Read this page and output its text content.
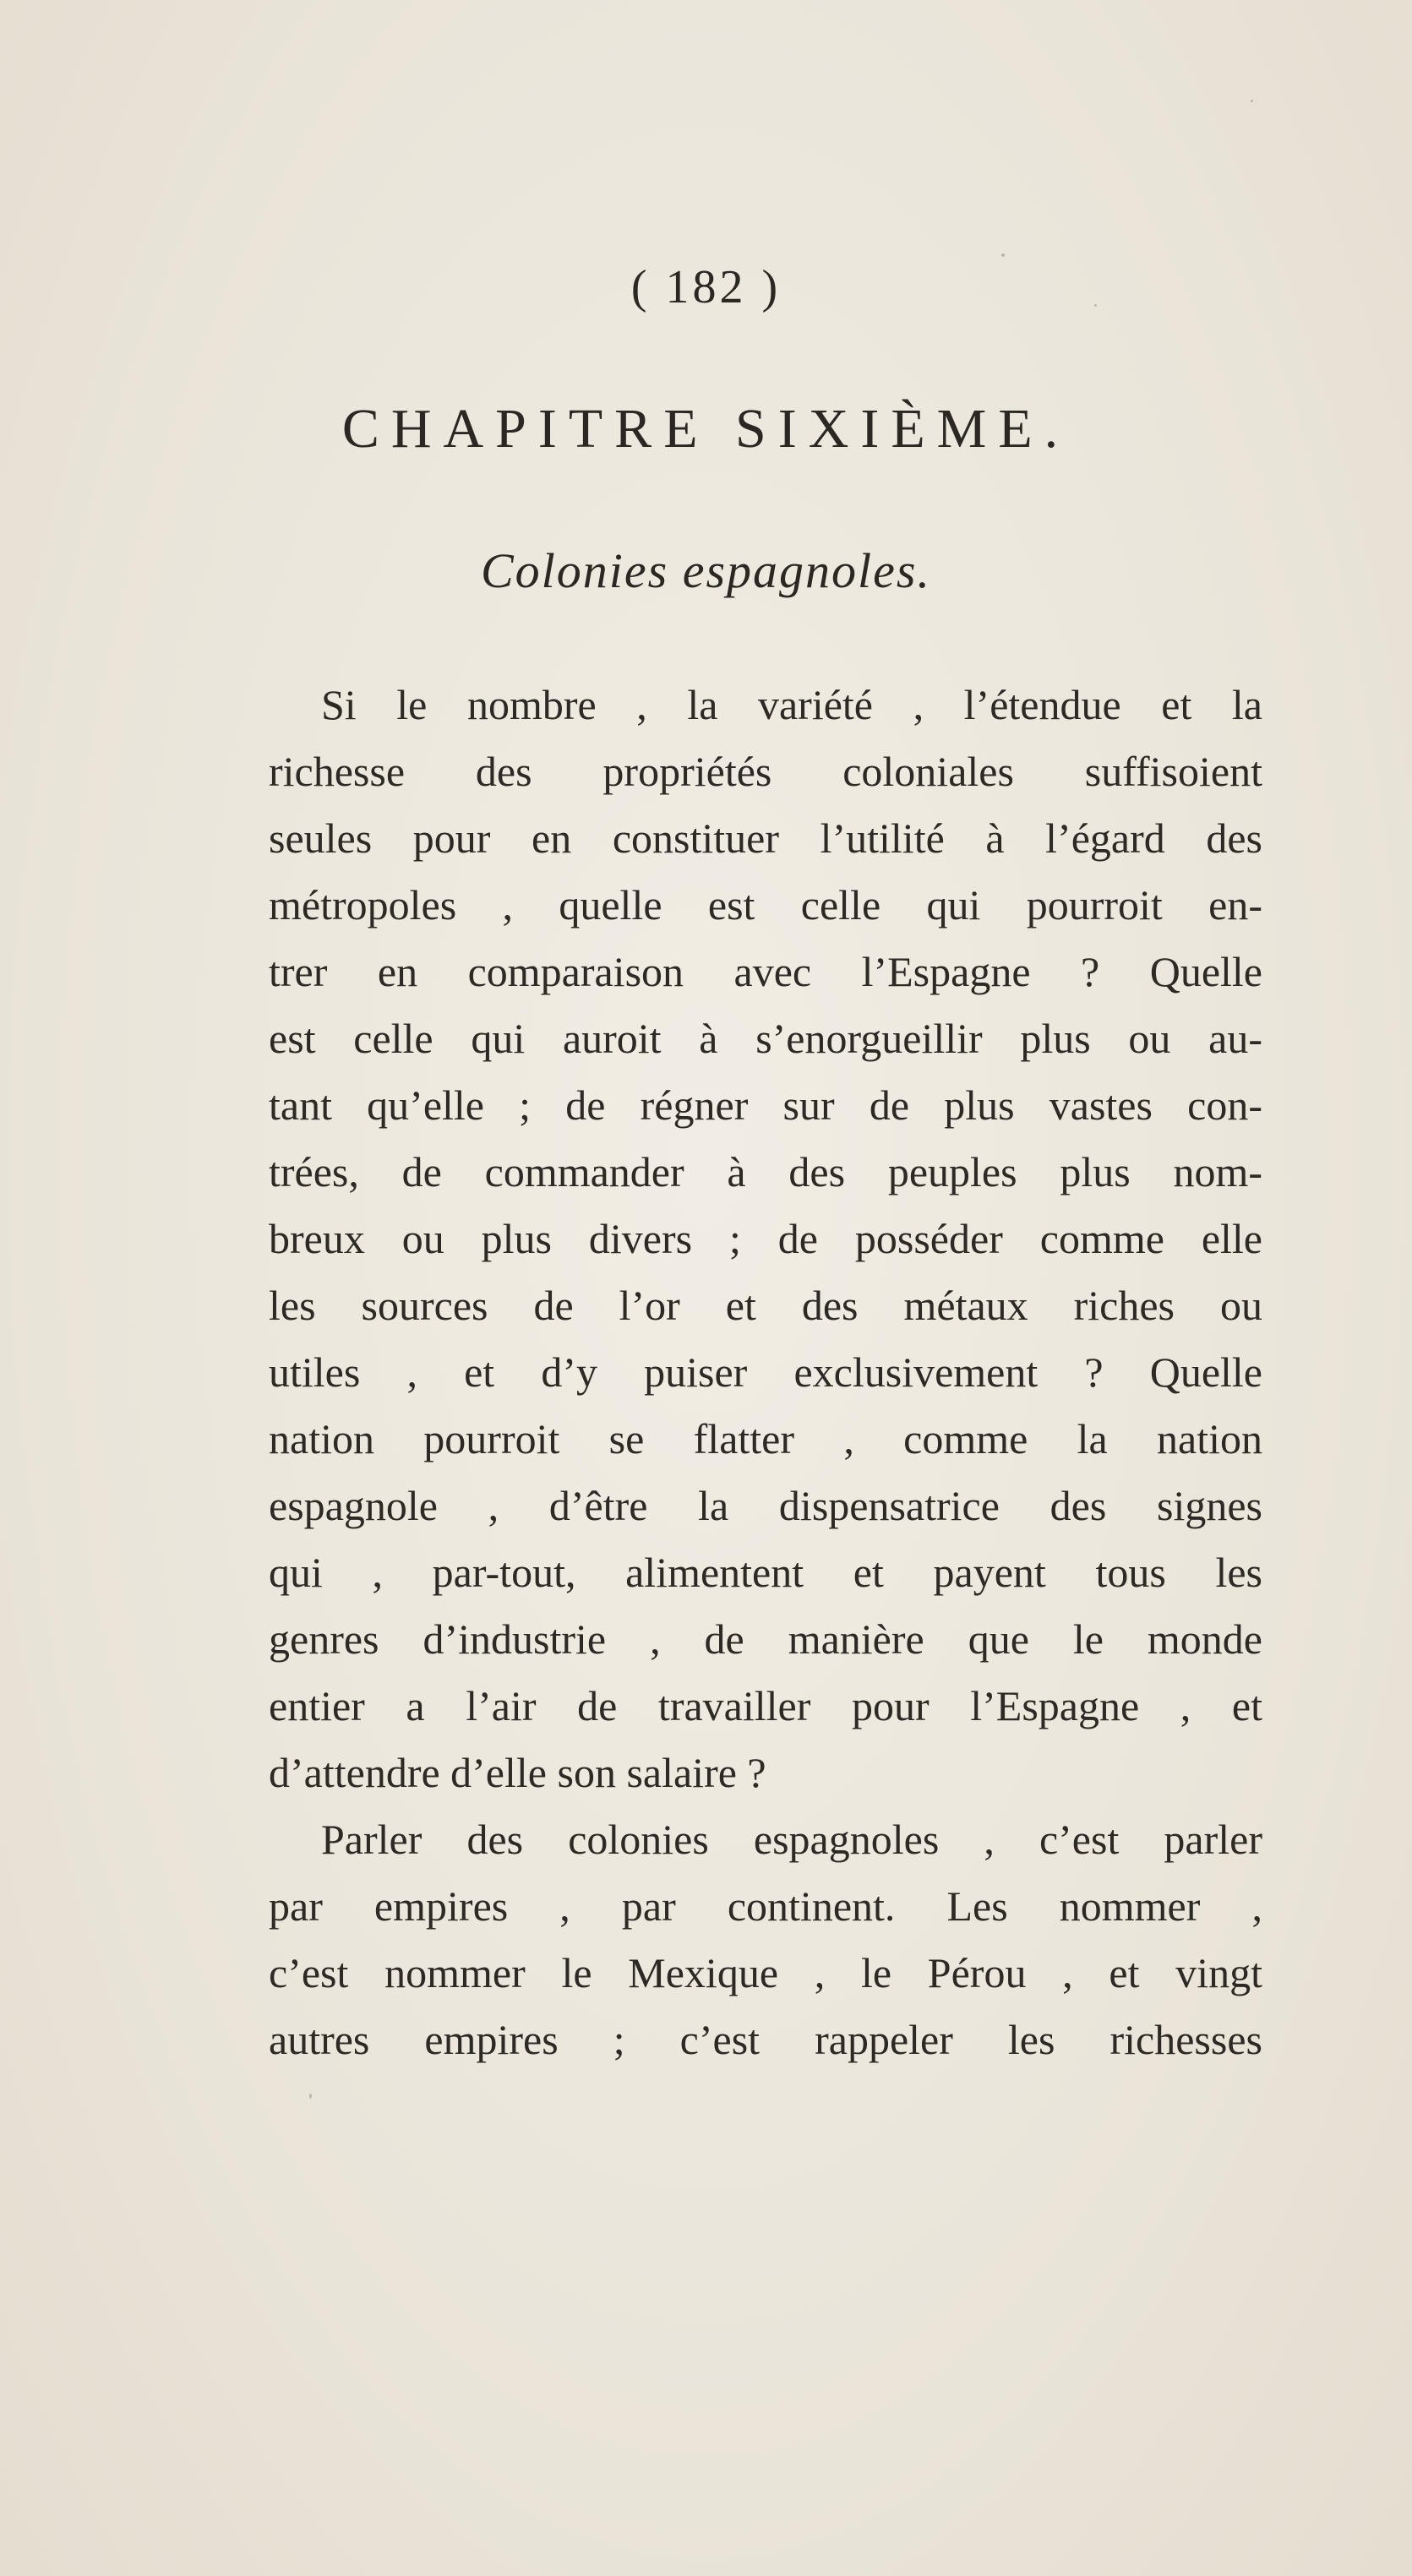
( 182 )
CHAPITRE SIXIÈME.
Colonies espagnoles.
Si le nombre , la variété , l’étendue et la
richesse des propriétés coloniales suffisoient
seules pour en constituer l’utilité à l’égard des
métropoles , quelle est celle qui pourroit en-
trer en comparaison avec l’Espagne ? Quelle
est celle qui auroit à s’enorgueillir plus ou au-
tant qu’elle ; de régner sur de plus vastes con-
trées, de commander à des peuples plus nom-
breux ou plus divers ; de posséder comme elle
les sources de l’or et des métaux riches ou
utiles , et d’y puiser exclusivement ? Quelle
nation pourroit se flatter , comme la nation
espagnole , d’être la dispensatrice des signes
qui , par-tout, alimentent et payent tous les
genres d’industrie , de manière que le monde
entier a l’air de travailler pour l’Espagne , et
d’attendre d’elle son salaire ?
Parler des colonies espagnoles , c’est parler
par empires , par continent. Les nommer ,
c’est nommer le Mexique , le Pérou , et vingt
autres empires ; c’est rappeler les richesses
